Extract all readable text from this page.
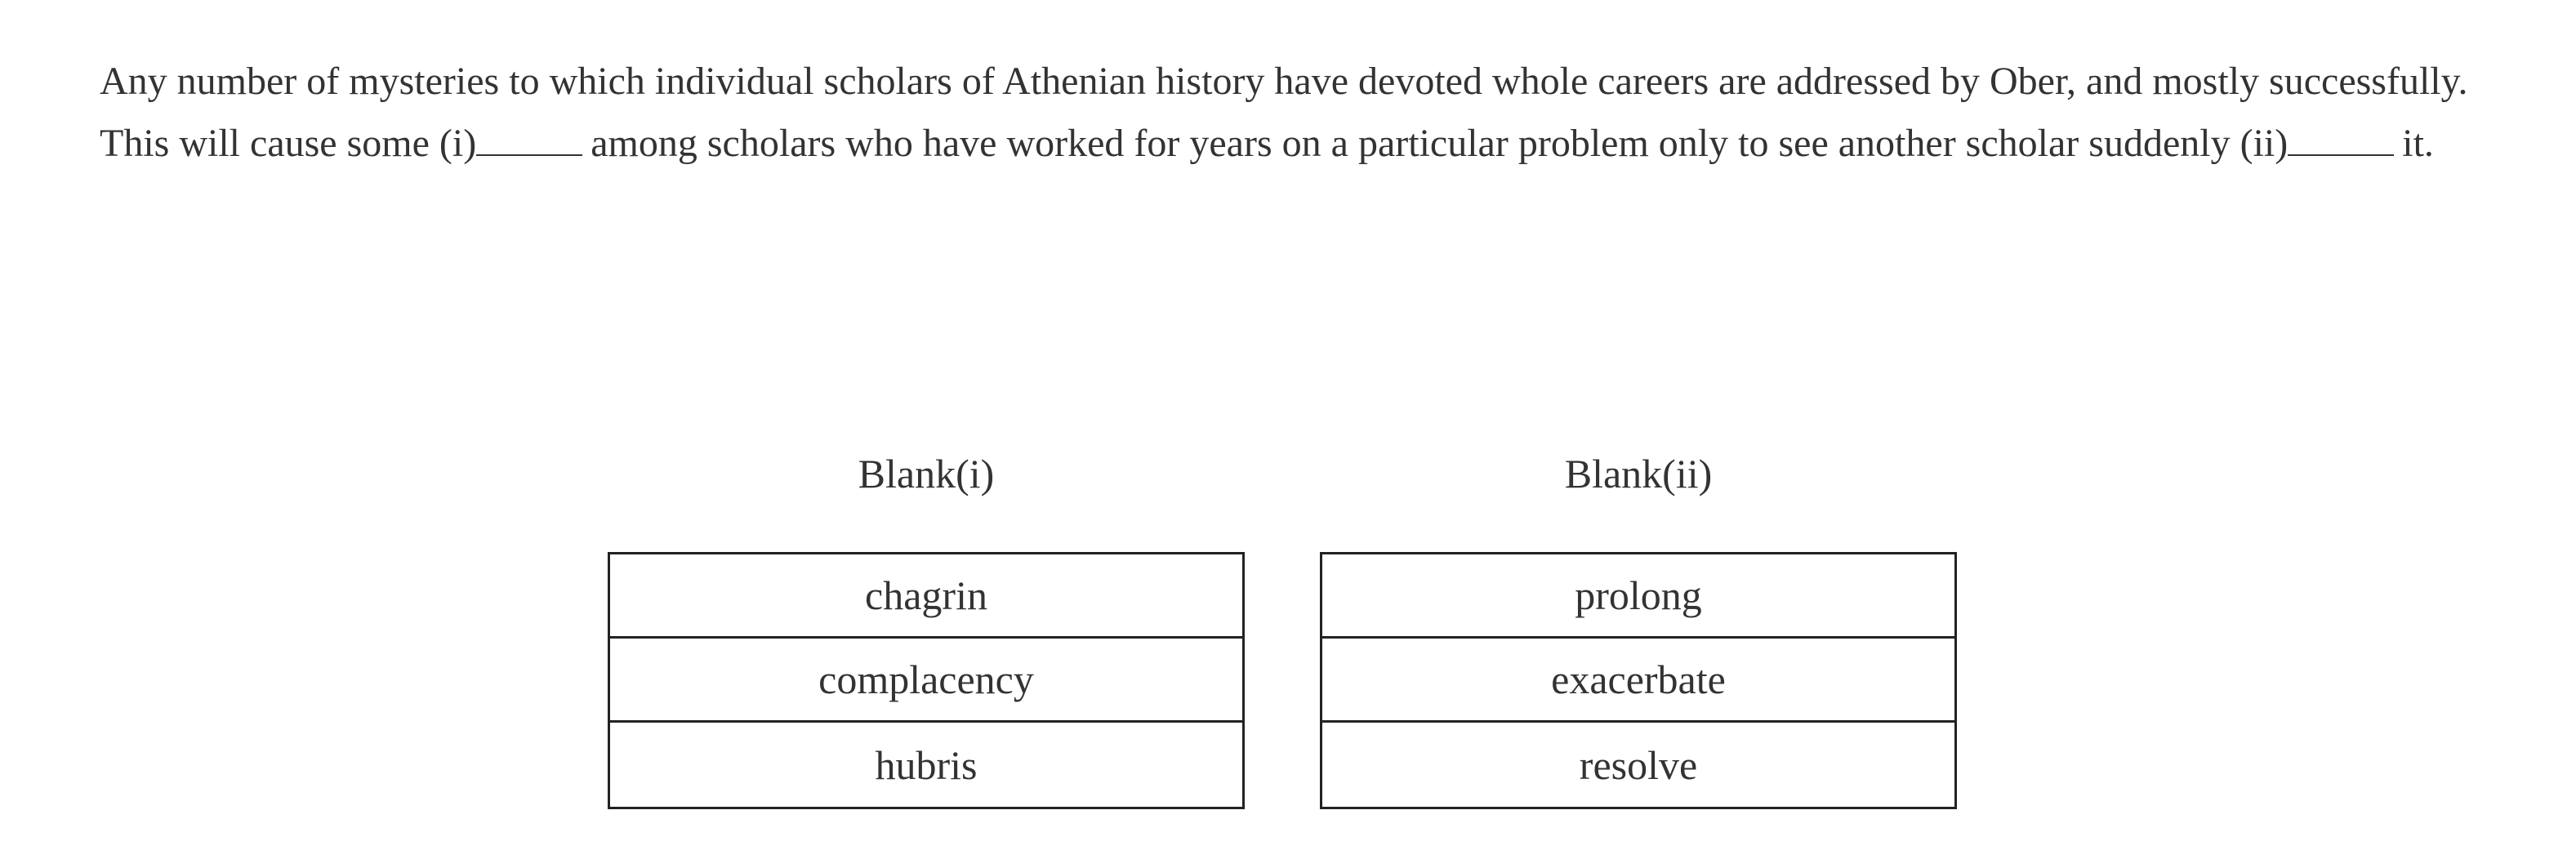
Any number of mysteries to which individual scholars of Athenian history have devoted whole careers are addressed by Ober, and mostly successfully. This will cause some (i)	among scholars who have worked for years on a particular problem only to see another scholar suddenly (ii)	it.

Blank(i)
chagrin
complacency
hubris
Blank(ii)
prolong
exacerbate
resolve
